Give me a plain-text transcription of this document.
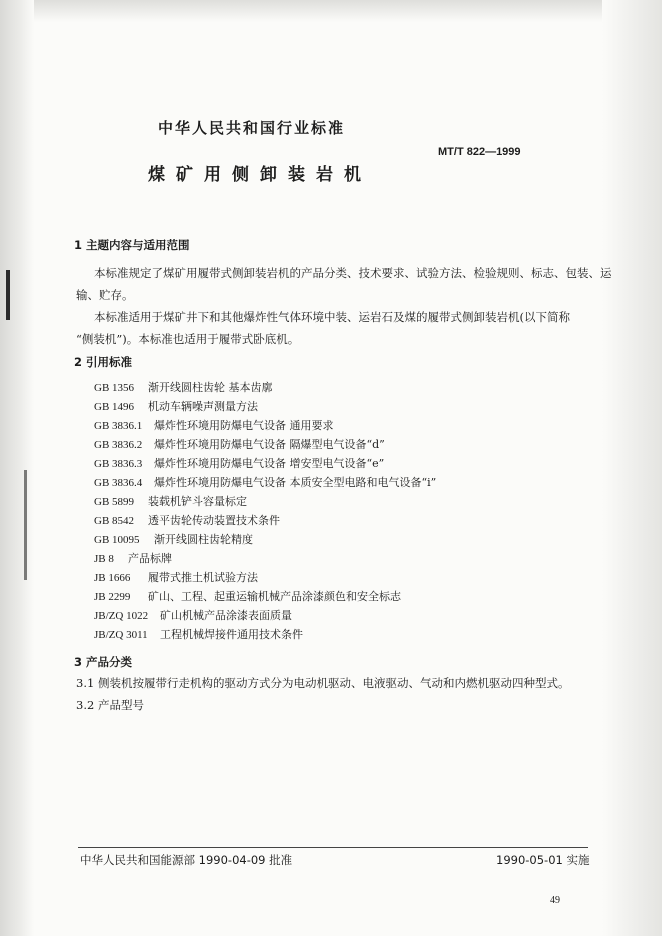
中华人民共和国行业标准
MT/T 822—1999
煤矿用侧卸装岩机
1 主题内容与适用范围
本标准规定了煤矿用履带式侧卸装岩机的产品分类、技术要求、试验方法、检验规则、标志、包装、运
输、贮存。
本标准适用于煤矿井下和其他爆炸性气体环境中装、运岩石及煤的履带式侧卸装岩机(以下简称
“侧装机”)。本标准也适用于履带式卧底机。
2 引用标准
GB 1356 渐开线圆柱齿轮 基本齿廓
GB 1496 机动车辆噪声测量方法
GB 3836.1 爆炸性环境用防爆电气设备 通用要求
GB 3836.2 爆炸性环境用防爆电气设备 隔爆型电气设备“d”
GB 3836.3 爆炸性环境用防爆电气设备 增安型电气设备“e”
GB 3836.4 爆炸性环境用防爆电气设备 本质安全型电路和电气设备“i”
GB 5899 装载机铲斗容量标定
GB 8542 透平齿轮传动装置技术条件
GB 10095 渐开线圆柱齿轮精度
JB 8 产品标牌
JB 1666 履带式推土机试验方法
JB 2299 矿山、工程、起重运输机械产品涂漆颜色和安全标志
JB/ZQ 1022 矿山机械产品涂漆表面质量
JB/ZQ 3011 工程机械焊接件通用技术条件
3 产品分类
3.1 侧装机按履带行走机构的驱动方式分为电动机驱动、电液驱动、气动和内燃机驱动四种型式。
3.2 产品型号
中华人民共和国能源部 1990-04-09 批准	1990-05-01 实施
49
